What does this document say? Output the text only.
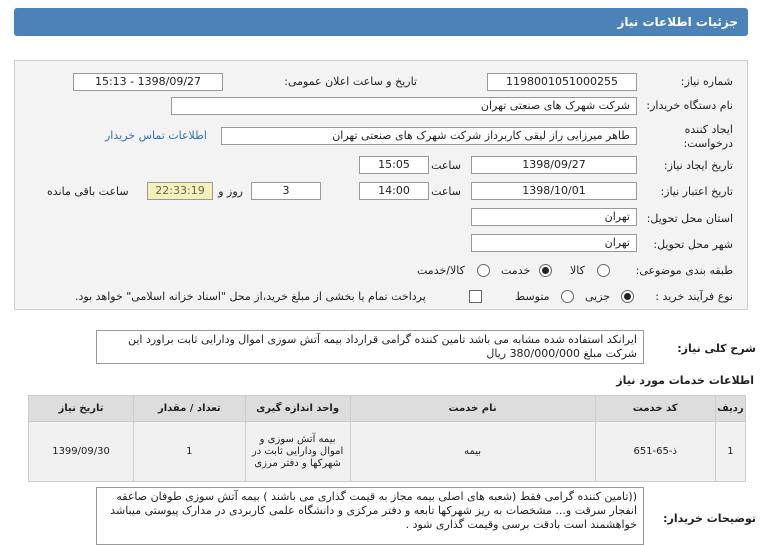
جزئیات اطلاعات نیاز
شماره نیاز:
1198001051000255
تاریخ و ساعت اعلان عمومی:
1398/09/27 - 15:13
نام دستگاه خریدار:
شرکت شهرک های صنعتی تهران
ایجاد کننده
درخواست:
طاهر میرزایی راز لیقی کاربرداز شرکت شهرک های صنعتی تهران
اطلاعات تماس خریدار
تاریخ ایجاد نیاز:
1398/09/27
ساعت
15:05
تاریخ اعتبار نیاز:
1398/10/01
ساعت
14:00
3
روز و
22:33:19
ساعت باقی مانده
استان محل تحویل:
تهران
شهر محل تحویل:
تهران
طبقه بندی موضوعی:
کالا
خدمت
کالا/خدمت
نوع فرآیند خرید :
جزیی
متوسط
پرداخت تمام یا بخشی از مبلغ خرید،از محل "اسناد خزانه اسلامی" خواهد بود.
شرح کلی نیاز:
ایرانکد استفاده شده مشابه می باشد تامین کننده گرامی قرارداد بیمه آتش سوزی اموال ودارایی ثابت براورد این شرکت مبلغ 380/000/000 ریال
اطلاعات خدمات مورد نیاز
ردیف	کد خدمت	نام خدمت	واحد اندازه گیری	تعداد / مقدار	تاریخ نیاز
1	ذ-65-651	بیمه	بیمه آتش سوزی و اموال ودارایی ثابت در شهرکها و دفتر مرزی	1	1399/09/30
توضیحات خریدار:
((تامین کننده گرامی فقط (شعبه های اصلی بیمه مجاز به قیمت گذاری می باشند ) بیمه آتش سوزی طوفان صاعقه انفجار سرقت و... مشخصات به ریز شهرکها تابعه و دفتر مرکزی و دانشگاه علمی کاربردی در مدارک پیوستی میباشد خواهشمند است بادقت برسی وقیمت گذاری شود .
